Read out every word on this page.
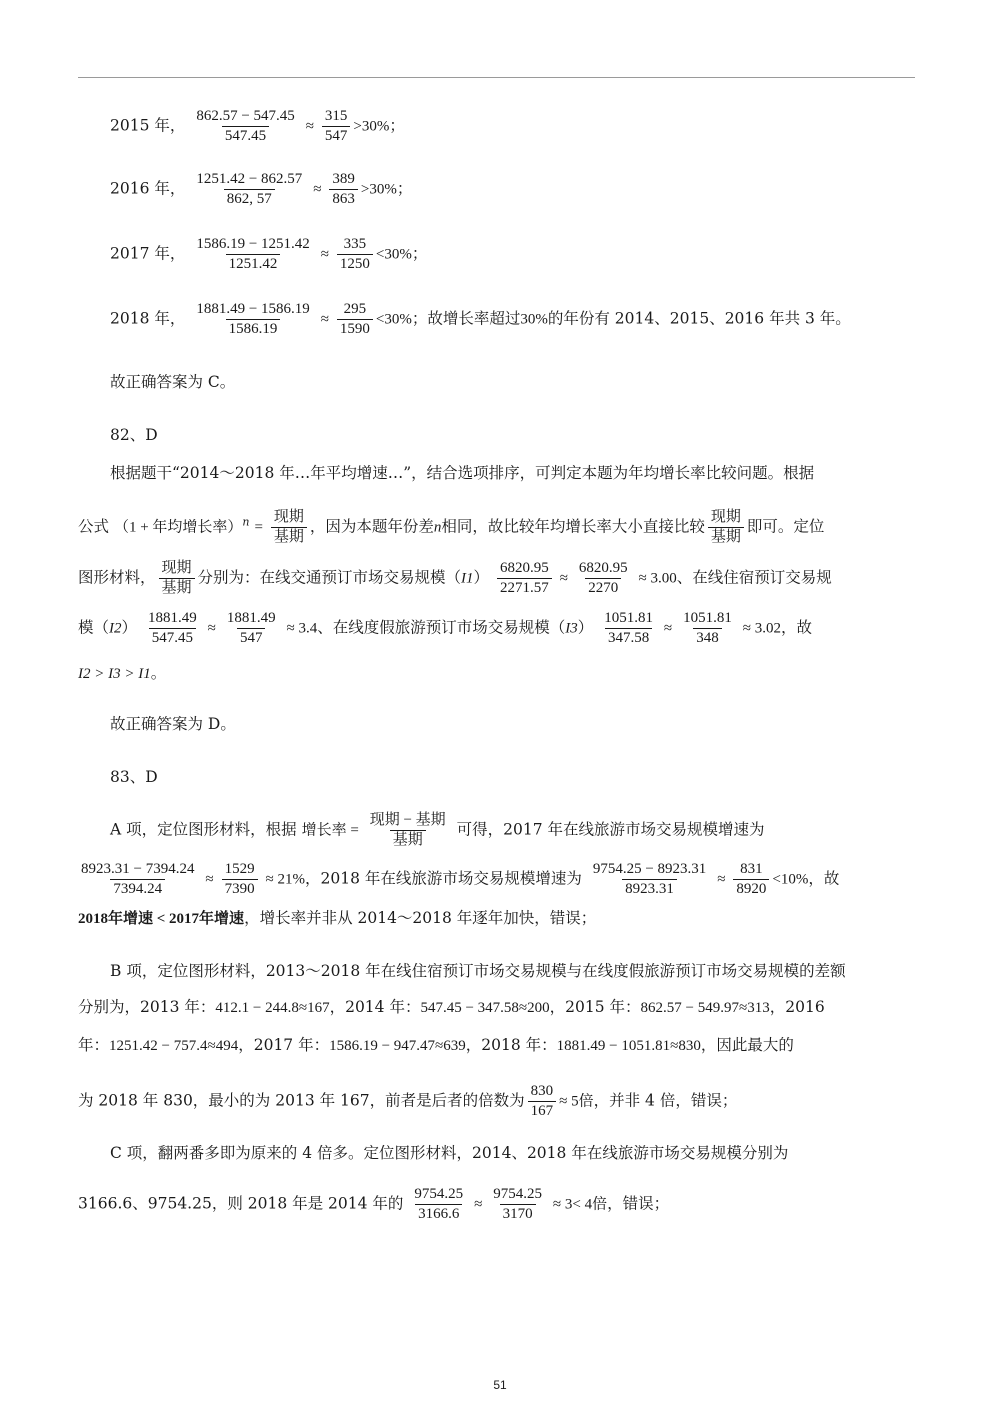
2015 年， $\frac{862.57 - 547.45}{547.45} \approx \frac{315}{547} >30\%$；
2016 年， $\frac{1251.42 - 862.57}{862, 57} \approx \frac{389}{863} >30\%$；
2017 年， $\frac{1586.19 - 1251.42}{1251.42} \approx \frac{335}{1250} <30\%$；
2018 年， $\frac{1881.49 - 1586.19}{1586.19} \approx \frac{295}{1590} <30\%$；故增长率超过30%的年份有 2014、2015、2016 年共 3 年。
故正确答案为 C。
82、D
根据题干“2014～2018 年…年平均增速…”，结合选项排序，可判定本题为年均增长率比较问题。根据
公式 （1 + 年均增长率）$^n = \frac{\text{现期}}{\text{基期}}$ ，因为本题年份差n相同，故比较年均增长率大小直接比较 $\frac{\text{现期}}{\text{基期}}$ 即可。定位
图形材料， $\frac{\text{现期}}{\text{基期}}$ 分别为：在线交通预订市场交易规模$(I1) \frac{6820.95}{2271.57} \approx \frac{6820.95}{2270} \approx 3.00$、在线住宿预订交易规
模$(I2) \frac{1881.49}{547.45} \approx \frac{1881.49}{547} \approx 3.4$、在线度假旅游预订市场交易规模$(I3) \frac{1051.81}{347.58} \approx \frac{1051.81}{348} \approx 3.02$，故
I2 > I3 > I1。
故正确答案为 D。
83、D
A 项，定位图形材料，根据 增长率 = $\frac{\text{现期 − 基期}}{\text{基期}}$ 可得，2017 年在线旅游市场交易规模增速为
$\frac{8923.31 - 7394.24}{7394.24} \approx \frac{1529}{7390} \approx 21\%$，2018 年在线旅游市场交易规模增速为 $\frac{9754.25 - 8923.31}{8923.31} \approx \frac{831}{8920} <10\%$，故
2018年增速 < 2017年增速，增长率并非从 2014～2018 年逐年加快，错误；
B 项，定位图形材料，2013～2018 年在线住宿预订市场交易规模与在线度假旅游预订市场交易规模的差额
分别为，2013 年：412.1 − 244.8≈167，2014 年：547.45 − 347.58≈200，2015 年：862.57 − 549.97≈313，2016
年：1251.42 − 757.4≈494，2017 年：1586.19 − 947.47≈639，2018 年：1881.49 − 1051.81≈830，因此最大的
为 2018 年 830，最小的为 2013 年 167，前者是后者的倍数为 $\frac{830}{167} \approx 5$倍，并非 4 倍，错误；
C 项，翻两番多即为原来的 4 倍多。定位图形材料，2014、2018 年在线旅游市场交易规模分别为
3166.6、9754.25，则 2018 年是 2014 年的 $\frac{9754.25}{3166.6} \approx \frac{9754.25}{3170} \approx 3< 4$倍，错误；
51
